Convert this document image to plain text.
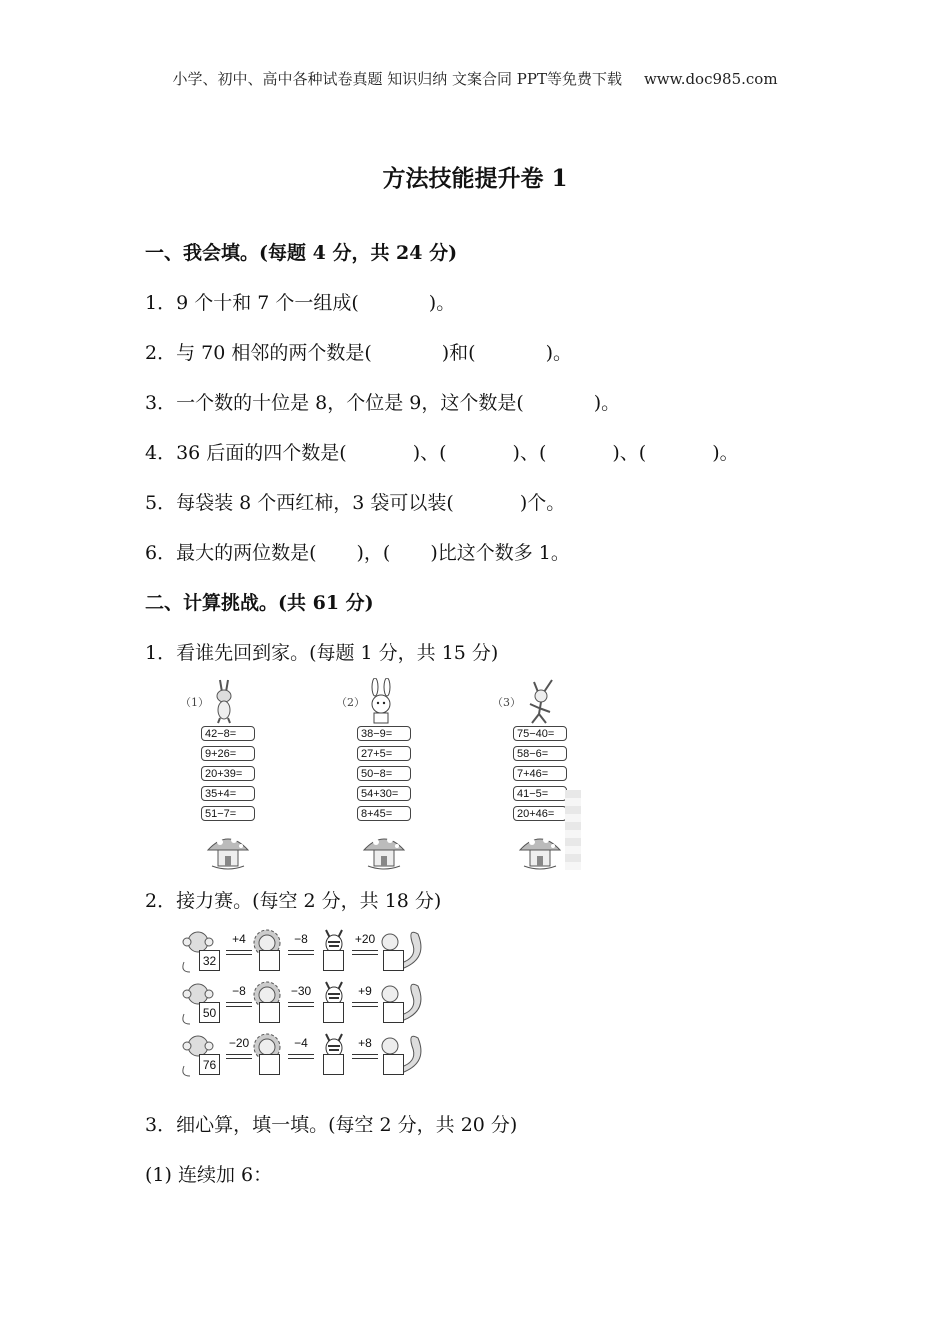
小学、初中、高中各种试卷真题 知识归纳 文案合同 PPT等免费下载 www.doc985.com
方法技能提升卷 1
一、我会填。(每题 4 分，共 24 分)
1．9 个十和 7 个一组成(	)。
2．与 70 相邻的两个数是(	)和(	)。
3．一个数的十位是 8，个位是 9，这个数是(	)。
4．36 后面的四个数是(	)、(	)、(	)、(	)。
5．每袋装 8 个西红柿，3 袋可以装(	)个。
6．最大的两位数是( )，( )比这个数多 1。
二、计算挑战。(共 61 分)
1．看谁先回到家。(每题 1 分，共 15 分)
（1）
42−8=
9+26=
20+39=
35+4=
51−7=
（2）
38−9=
27+5=
50−8=
54+30=
8+45=
（3）
75−40=
58−6=
7+46=
41−5=
20+46=
2．接力赛。(每空 2 分，共 18 分)
32
+4	−8	+20
50
−8	−30	+9
76
−20	−4	+8
3．细心算，填一填。(每空 2 分，共 20 分)
(1) 连续加 6：
